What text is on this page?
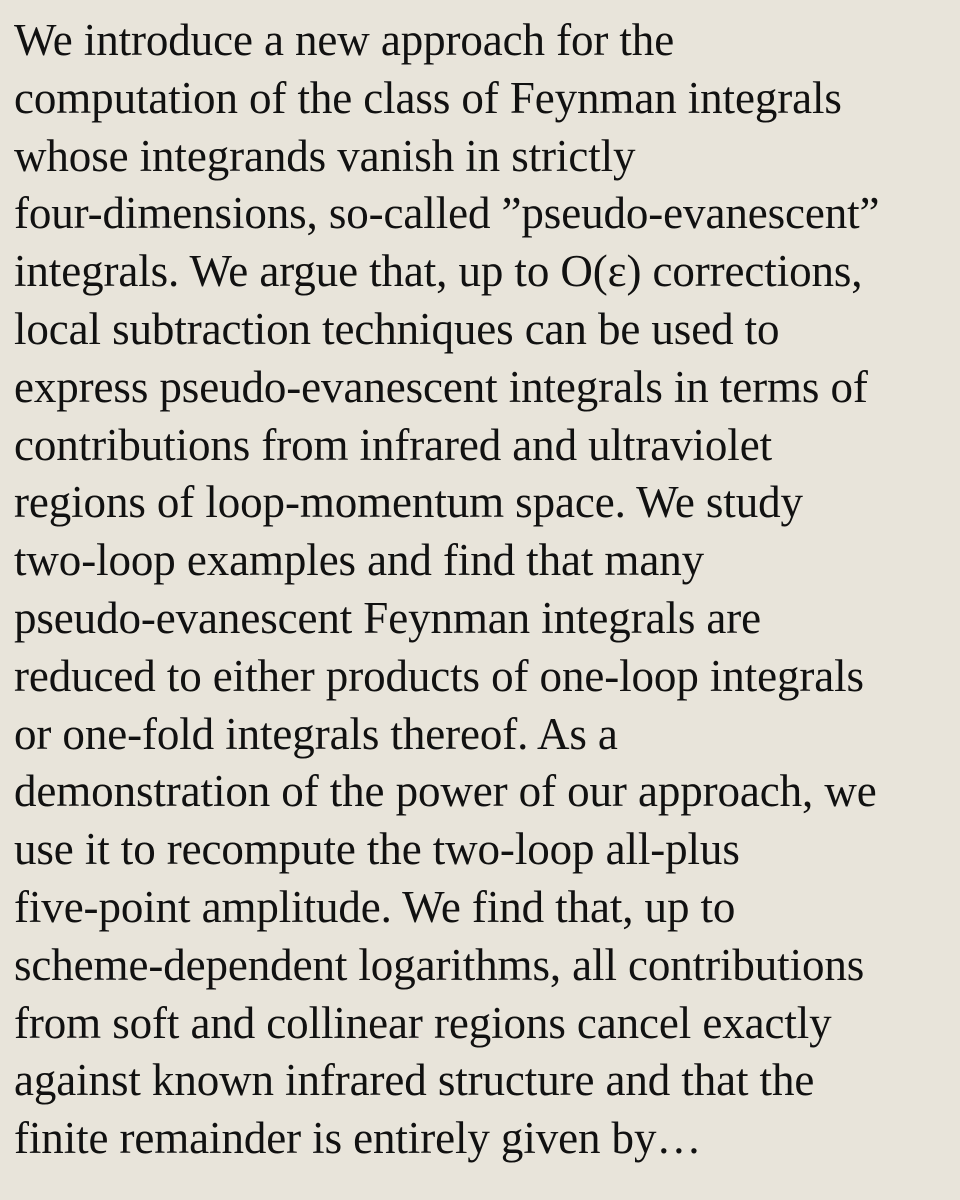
We introduce a new approach for the
computation of the class of Feynman integrals
whose integrands vanish in strictly
four-dimensions, so-called ”pseudo-evanescent”
integrals. We argue that, up to O(ε) corrections,
local subtraction techniques can be used to
express pseudo-evanescent integrals in terms of
contributions from infrared and ultraviolet
regions of loop-momentum space. We study
two-loop examples and find that many
pseudo-evanescent Feynman integrals are
reduced to either products of one-loop integrals
or one-fold integrals thereof. As a
demonstration of the power of our approach, we
use it to recompute the two-loop all-plus
five-point amplitude. We find that, up to
scheme-dependent logarithms, all contributions
from soft and collinear regions cancel exactly
against known infrared structure and that the
finite remainder is entirely given by…
